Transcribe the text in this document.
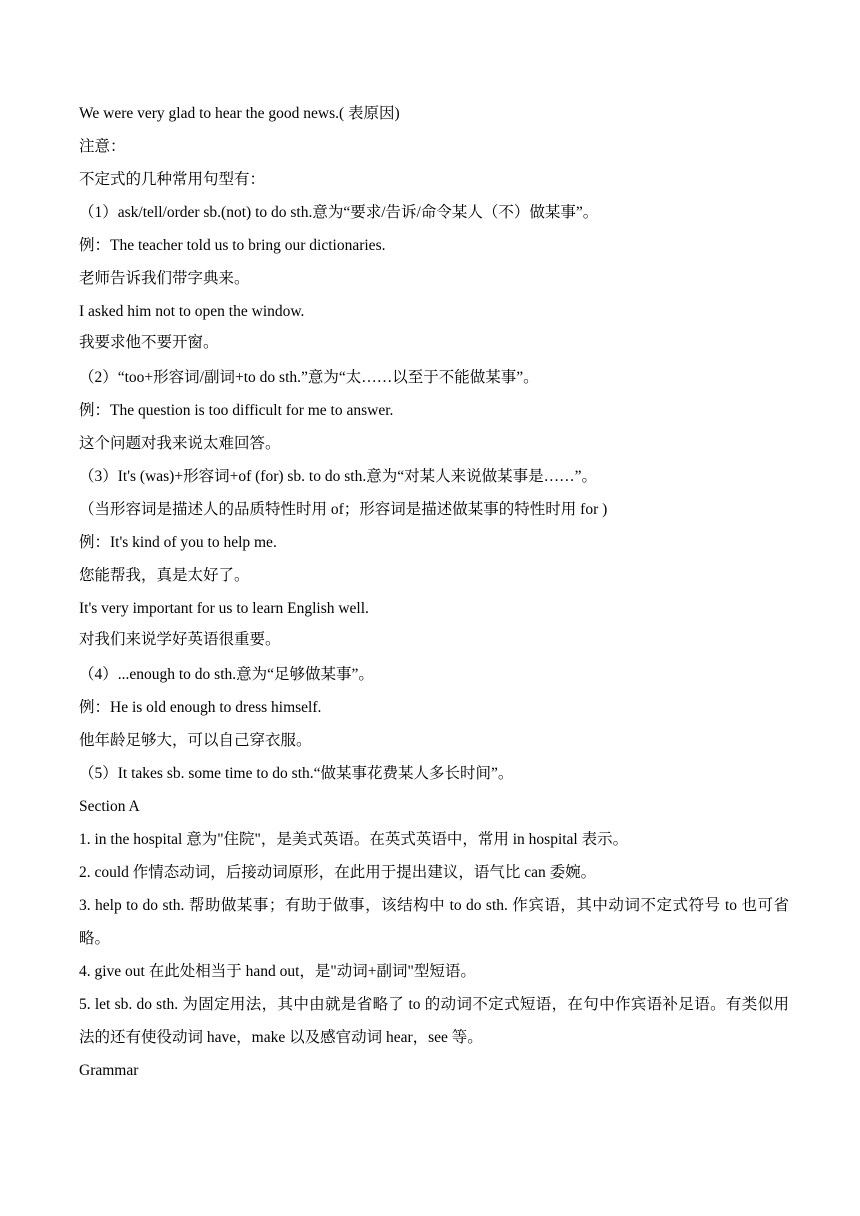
We were very glad to hear the good news.( 表原因)

注意：

不定式的几种常用句型有：

（1）ask/tell/order sb.(not) to do sth.意为“要求/告诉/命令某人（不）做某事”。

例：The teacher told us to bring our dictionaries.

老师告诉我们带字典来。

I asked him not to open the window.

我要求他不要开窗。

（2）“too+形容词/副词+to do sth.”意为“太……以至于不能做某事”。

例：The question is too difficult for me to answer.

这个问题对我来说太难回答。

（3）It's (was)+形容词+of (for) sb. to do sth.意为“对某人来说做某事是……”。

（当形容词是描述人的品质特性时用 of；形容词是描述做某事的特性时用 for )

例：It's kind of you to help me.

您能帮我，真是太好了。

It's very important for us to learn English well.

对我们来说学好英语很重要。

（4）...enough to do sth.意为“足够做某事”。

例：He is old enough to dress himself.

他年龄足够大，可以自己穿衣服。

（5）It takes sb. some time to do sth.“做某事花费某人多长时间”。

Section A

1. in the hospital 意为"住院"，是美式英语。在英式英语中，常用 in hospital 表示。

2. could 作情态动词，后接动词原形，在此用于提出建议，语气比 can 委婉。

3. help to do sth. 帮助做某事；有助于做事，该结构中 to do sth. 作宾语，其中动词不定式符号 to 也可省略。

4. give out 在此处相当于 hand out，是"动词+副词"型短语。

5. let sb. do sth. 为固定用法，其中由就是省略了 to 的动词不定式短语，在句中作宾语补足语。有类似用法的还有使役动词 have，make 以及感官动词 hear，see 等。

Grammar
